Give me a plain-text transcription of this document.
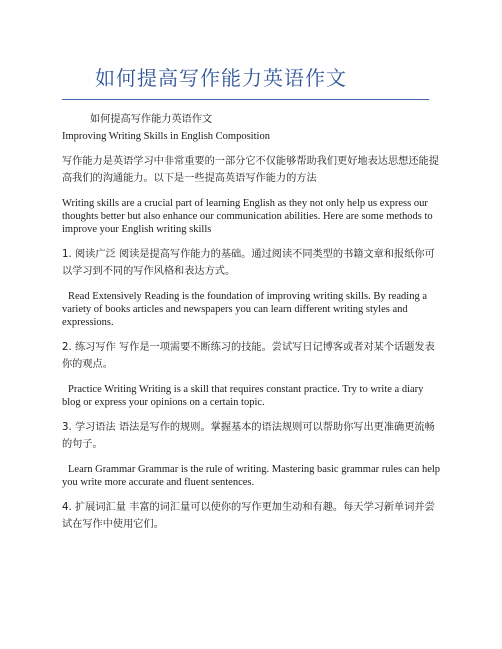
如何提高写作能力英语作文

如何提高写作能力英语作文

Improving Writing Skills in English Composition

写作能力是英语学习中非常重要的一部分它不仅能够帮助我们更好地表达思想还能提高我们的沟通能力。以下是一些提高英语写作能力的方法

Writing skills are a crucial part of learning English as they not only help us express our thoughts better but also enhance our communication abilities. Here are some methods to improve your English writing skills

1. 阅读广泛 阅读是提高写作能力的基础。通过阅读不同类型的书籍文章和报纸你可以学习到不同的写作风格和表达方式。

Read Extensively Reading is the foundation of improving writing skills. By reading a variety of books articles and newspapers you can learn different writing styles and expressions.

2. 练习写作 写作是一项需要不断练习的技能。尝试写日记博客或者对某个话题发表你的观点。

Practice Writing Writing is a skill that requires constant practice. Try to write a diary blog or express your opinions on a certain topic.

3. 学习语法 语法是写作的规则。掌握基本的语法规则可以帮助你写出更准确更流畅的句子。

Learn Grammar Grammar is the rule of writing. Mastering basic grammar rules can help you write more accurate and fluent sentences.

4. 扩展词汇量 丰富的词汇量可以使你的写作更加生动和有趣。每天学习新单词并尝试在写作中使用它们。
